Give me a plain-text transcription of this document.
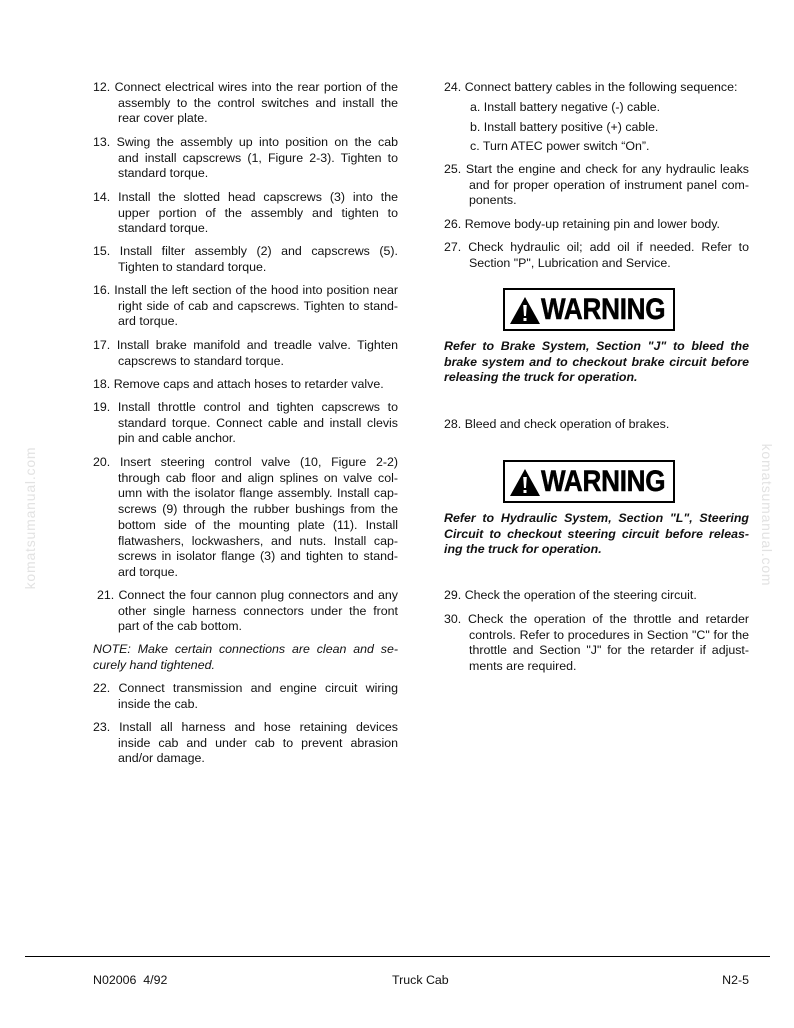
komatsumanual.com	komatsumanual.com
12. Connect electrical wires into the rear portion of the
assembly to the control switches and install the
rear cover plate.
13. Swing the assembly up into position on the cab
and install capscrews (1, Figure 2-3). Tighten to
standard torque.
14. Install the slotted head capscrews (3) into the
upper portion of the assembly and tighten to
standard torque.
15. Install filter assembly (2) and capscrews (5).
Tighten to standard torque.
16. Install the left section of the hood into position near
right side of cab and capscrews. Tighten to stand-
ard torque.
17. Install brake manifold and treadle valve. Tighten
capscrews to standard torque.
18. Remove caps and attach hoses to retarder valve.
19. Install throttle control and tighten capscrews to
standard torque. Connect cable and install clevis
pin and cable anchor.
20. Insert steering control valve (10, Figure 2-2)
through cab floor and align splines on valve col-
umn with the isolator flange assembly. Install cap-
screws (9) through the rubber bushings from the
bottom side of the mounting plate (11). Install
flatwashers, lockwashers, and nuts. Install cap-
screws in isolator flange (3) and tighten to stand-
ard torque.
21. Connect the four cannon plug connectors and any
other single harness connectors under the front
part of the cab bottom.
NOTE: Make certain connections are clean and se-
curely hand tightened.
22. Connect transmission and engine circuit wiring
inside the cab.
23. Install all harness and hose retaining devices
inside cab and under cab to prevent abrasion
and/or damage.
24. Connect battery cables in the following sequence:
a. Install battery negative (-) cable.
b. Install battery positive (+) cable.
c. Turn ATEC power switch “On”.
25. Start the engine and check for any hydraulic leaks
and for proper operation of instrument panel com-
ponents.
26. Remove body-up retaining pin and lower body.
27. Check hydraulic oil; add oil if needed. Refer to
Section "P", Lubrication and Service.
WARNING
Refer to Brake System, Section "J" to bleed the
brake system and to checkout brake circuit before
releasing the truck for operation.
28. Bleed and check operation of brakes.
WARNING
Refer to Hydraulic System, Section "L", Steering
Circuit to checkout steering circuit before releas-
ing the truck for operation.
29. Check the operation of the steering circuit.
30. Check the operation of the throttle and retarder
controls. Refer to procedures in Section "C" for the
throttle and Section "J" for the retarder if adjust-
ments are required.
N02006  4/92	Truck Cab	N2-5
